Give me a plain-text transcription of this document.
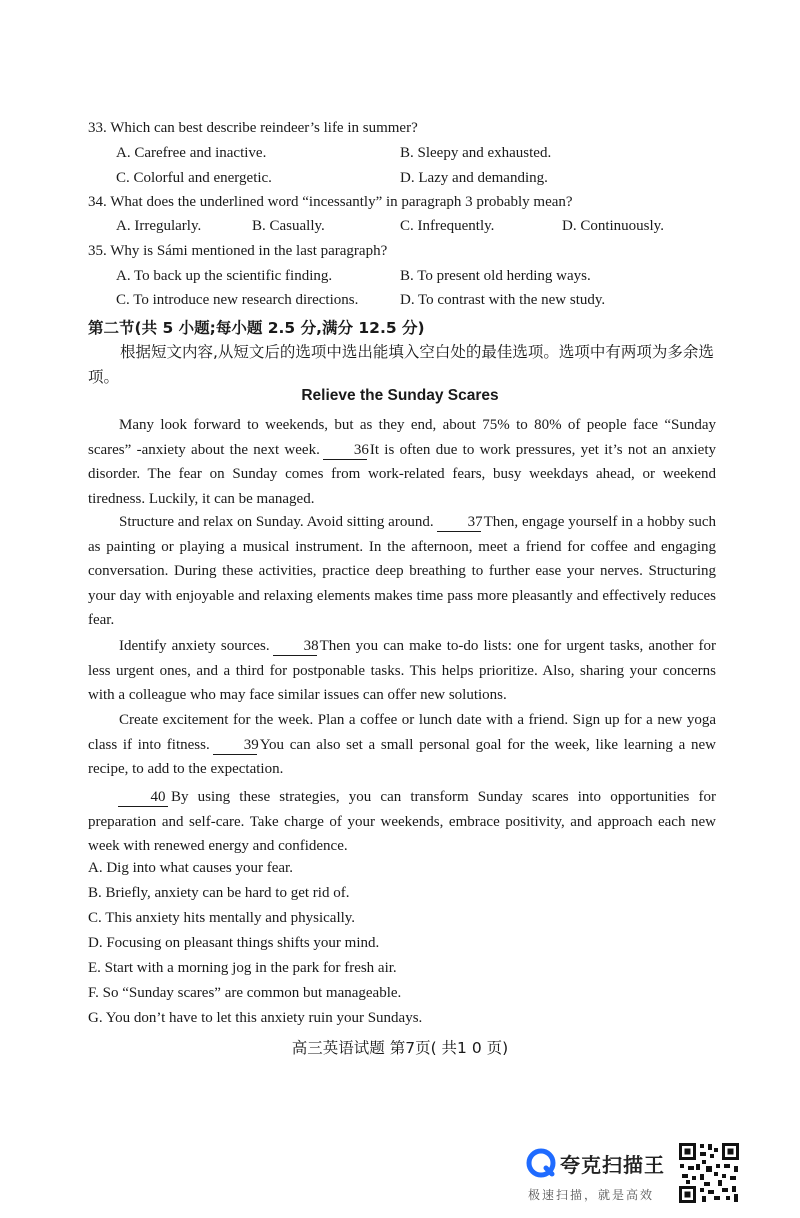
33. Which can best describe reindeer’s life in summer?
A. Carefree and inactive.	B. Sleepy and exhausted.
C. Colorful and energetic.	D. Lazy and demanding.
34. What does the underlined word “incessantly” in paragraph 3 probably mean?
A. Irregularly.	B. Casually.	C. Infrequently.	D. Continuously.
35. Why is Sámi mentioned in the last paragraph?
A. To back up the scientific finding.	B. To present old herding ways.
C. To introduce new research directions.	D. To contrast with the new study.
第二节(共 5 小题;每小题 2.5 分,满分 12.5 分)
根据短文内容,从短文后的选项中选出能填入空白处的最佳选项。选项中有两项为多余选项。
Relieve the Sunday Scares
Many look forward to weekends, but as they end, about 75% to 80% of people face “Sunday scares” -anxiety about the next week. 36It is often due to work pressures, yet it’s not an anxiety disorder. The fear on Sunday comes from work-related fears, busy weekdays ahead, or weekend tiredness. Luckily, it can be managed.
Structure and relax on Sunday. Avoid sitting around. 37Then, engage yourself in a hobby such as painting or playing a musical instrument. In the afternoon, meet a friend for coffee and engaging conversation. During these activities, practice deep breathing to further ease your nerves. Structuring your day with enjoyable and relaxing elements makes time pass more pleasantly and effectively reduces fear.
Identify anxiety sources. 38Then you can make to-do lists: one for urgent tasks, another for less urgent ones, and a third for postponable tasks. This helps prioritize. Also, sharing your concerns with a colleague who may face similar issues can offer new solutions.
Create excitement for the week. Plan a coffee or lunch date with a friend. Sign up for a new yoga class if into fitness. 39You can also set a small personal goal for the week, like learning a new recipe, to add to the expectation.
40 By using these strategies, you can transform Sunday scares into opportunities for preparation and self-care. Take charge of your weekends, embrace positivity, and approach each new week with renewed energy and confidence.
A. Dig into what causes your fear.
B. Briefly, anxiety can be hard to get rid of.
C. This anxiety hits mentally and physically.
D. Focusing on pleasant things shifts your mind.
E. Start with a morning jog in the park for fresh air.
F. So “Sunday scares” are common but manageable.
G. You don’t have to let this anxiety ruin your Sundays.
高三英语试题 第7页( 共1 0 页)
夸克扫描王
极速扫描，就是高效
